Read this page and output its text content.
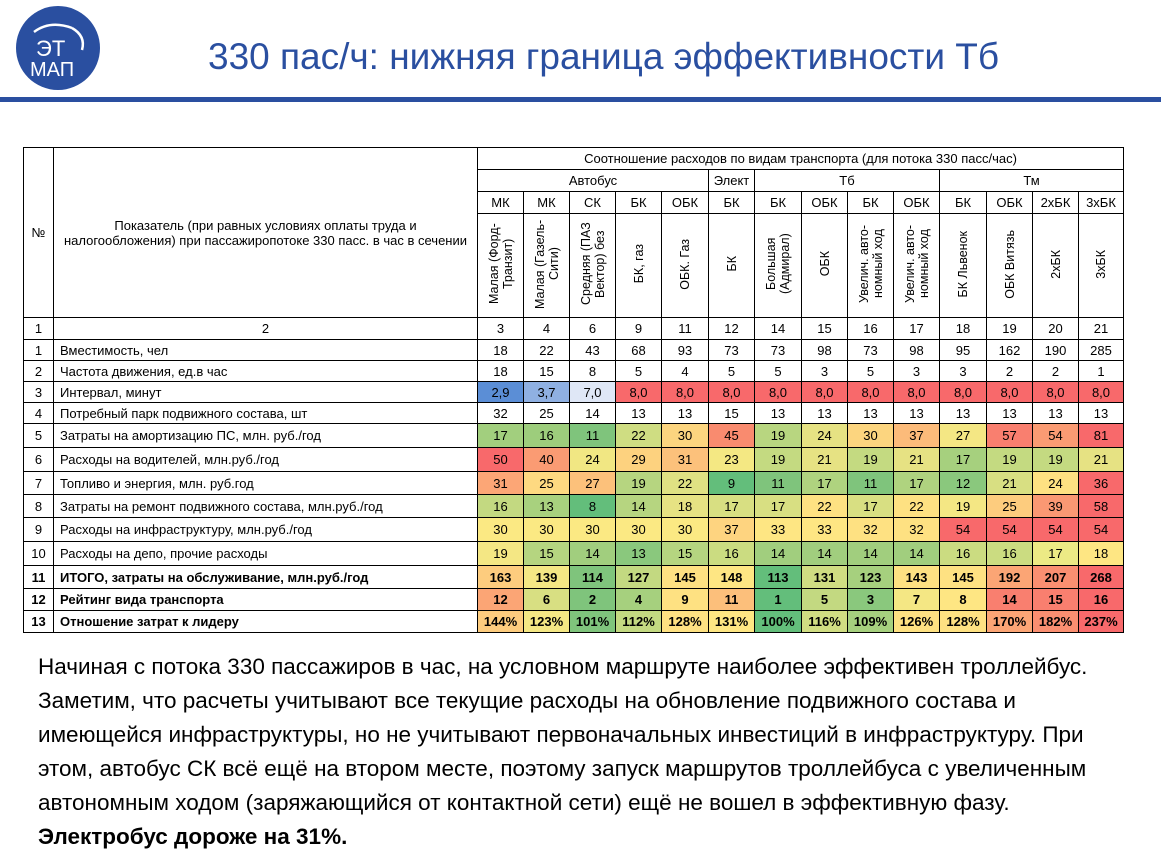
ЭТ
МАП	330 пас/ч: нижняя граница эффективности Тб
№	Показатель (при равных условиях оплаты труда и налогообложения) при пассажиропотоке 330 пасс. в час в сечении	Соотношение расходов по видам транспорта (для потока 330 пасс/час)													
		Автобус					Элект	Тб				Тм			
		МК	МК	СК	БК	ОБК	БК	БК	ОБК	БК	ОБК	БК	ОБК	2хБК	3хБК
		Малая (Форд-Транзит)	Малая (Газель-Сити)	Средняя (ПАЗ Вектор) без	БК, газ	ОБК. Газ	БК	Большая (Адмирал)	ОБК	Увелич. авто-номный ход	Увелич. авто-номный ход	БК Львенок	ОБК Витязь	2хБК	3хБК
1	2	3	4	6	9	11	12	14	15	16	17	18	19	20	21
1	Вместимость, чел	18	22	43	68	93	73	73	98	73	98	95	162	190	285
2	Частота движения, ед.в час	18	15	8	5	4	5	5	3	5	3	3	2	2	1
3	Интервал, минут	2,9	3,7	7,0	8,0	8,0	8,0	8,0	8,0	8,0	8,0	8,0	8,0	8,0	8,0
4	Потребный парк подвижного состава, шт	32	25	14	13	13	15	13	13	13	13	13	13	13	13
5	Затраты на амортизацию ПС, млн. руб./год	17	16	11	22	30	45	19	24	30	37	27	57	54	81
6	Расходы на водителей, млн.руб./год	50	40	24	29	31	23	19	21	19	21	17	19	19	21
7	Топливо и энергия, млн. руб.год	31	25	27	19	22	9	11	17	11	17	12	21	24	36
8	Затраты на ремонт подвижного состава, млн.руб./год	16	13	8	14	18	17	17	22	17	22	19	25	39	58
9	Расходы на инфраструктуру, млн.руб./год	30	30	30	30	30	37	33	33	32	32	54	54	54	54
10	Расходы на депо, прочие расходы	19	15	14	13	15	16	14	14	14	14	16	16	17	18
11	ИТОГО, затраты на обслуживание, млн.руб./год	163	139	114	127	145	148	113	131	123	143	145	192	207	268
12	Рейтинг вида транспорта	12	6	2	4	9	11	1	5	3	7	8	14	15	16
13	Отношение затрат к лидеру	144%	123%	101%	112%	128%	131%	100%	116%	109%	126%	128%	170%	182%	237%
Начиная с потока 330 пассажиров в час, на условном маршруте наиболее эффективен троллейбус. Заметим, что расчеты учитывают все текущие расходы на обновление подвижного состава и имеющейся инфраструктуры, но не учитывают первоначальных инвестиций в инфраструктуру. При этом, автобус СК всё ещё на втором месте, поэтому запуск маршрутов троллейбуса с увеличенным автономным ходом (заряжающийся от контактной сети) ещё не вошел в эффективную фазу. Электробус дороже на 31%.
